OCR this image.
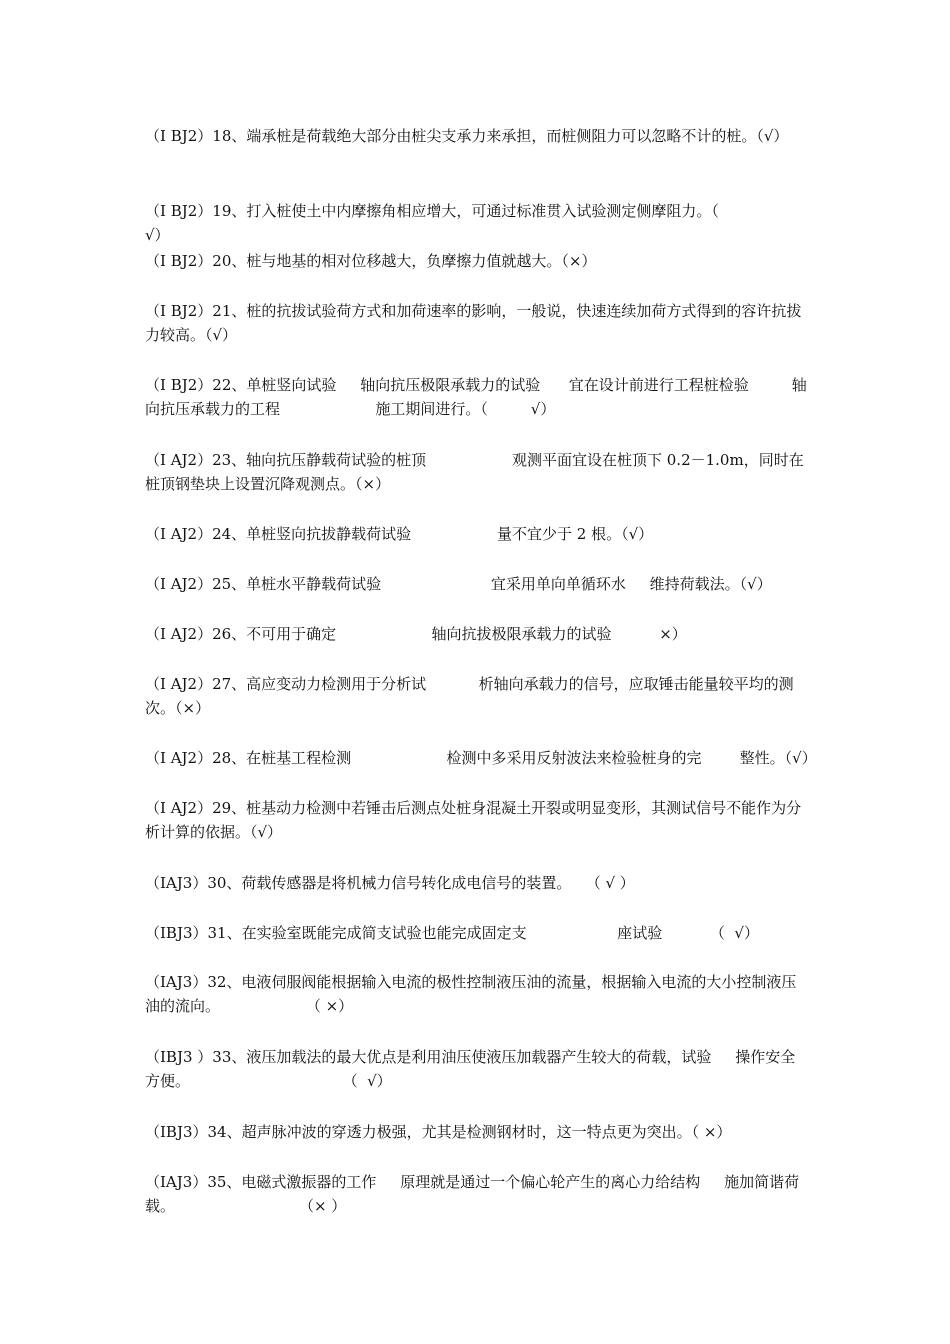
（Ⅰ BJ2）18、端承桩是荷载绝大部分由桩尖支承力来承担，而桩侧阻力可以忽略不计的桩。（√）
（Ⅰ BJ2）19、打入桩使土中内摩擦角相应增大，可通过标准贯入试验测定侧摩阻力。（                  √）
（Ⅰ BJ2）20、桩与地基的相对位移越大，负摩擦力值就越大。（×）
（Ⅰ BJ2）21、桩的抗拔试验荷方式和加荷速率的影响，一般说，快速连续加荷方式得到的容许抗拔力较高。（√）
（Ⅰ BJ2）22、单桩竖向试验     轴向抗压极限承载力的试验      宜在设计前进行工程桩检验         轴向抗压承载力的工程                    施工期间进行。（         √）
（Ⅰ AJ2）23、轴向抗压静载荷试验的桩顶                  观测平面宜设在桩顶下 0.2－1.0m，同时在桩顶钢垫块上设置沉降观测点。（×）
（Ⅰ AJ2）24、单桩竖向抗拔静载荷试验                  量不宜少于 2 根。（√）
（Ⅰ AJ2）25、单桩水平静载荷试验                       宜采用单向单循环水     维持荷载法。（√）
（Ⅰ AJ2）26、不可用于确定                    轴向抗拔极限承载力的试验          ×）
（Ⅰ AJ2）27、高应变动力检测用于分析试           析轴向承载力的信号，应取锤击能量较平均的测次。（×）
（Ⅰ AJ2）28、在桩基工程检测                    检测中多采用反射波法来检验桩身的完        整性。（√）
（Ⅰ AJ2）29、桩基动力检测中若锤击后测点处桩身混凝土开裂或明显变形，其测试信号不能作为分析计算的依据。（√）
（ⅠAJ3）30、荷载传感器是将机械力信号转化成电信号的装置。   （ √ ）
（ⅠBJ3）31、在实验室既能完成简支试验也能完成固定支                   座试验          （  √）
（ⅠAJ3）32、电液伺服阀能根据输入电流的极性控制液压油的流量，根据输入电流的大小控制液压油的流向。                  （ ×）
（ⅠBJ3 ）33、液压加载法的最大优点是利用油压使液压加载器产生较大的荷载，试验     操作安全方便。                                （  √）
（ⅠBJ3）34、超声脉冲波的穿透力极强，尤其是检测钢材时，这一特点更为突出。（ ×）
（ⅠAJ3）35、电磁式激振器的工作     原理就是通过一个偏心轮产生的离心力给结构     施加简谐荷载。                          （× ）
